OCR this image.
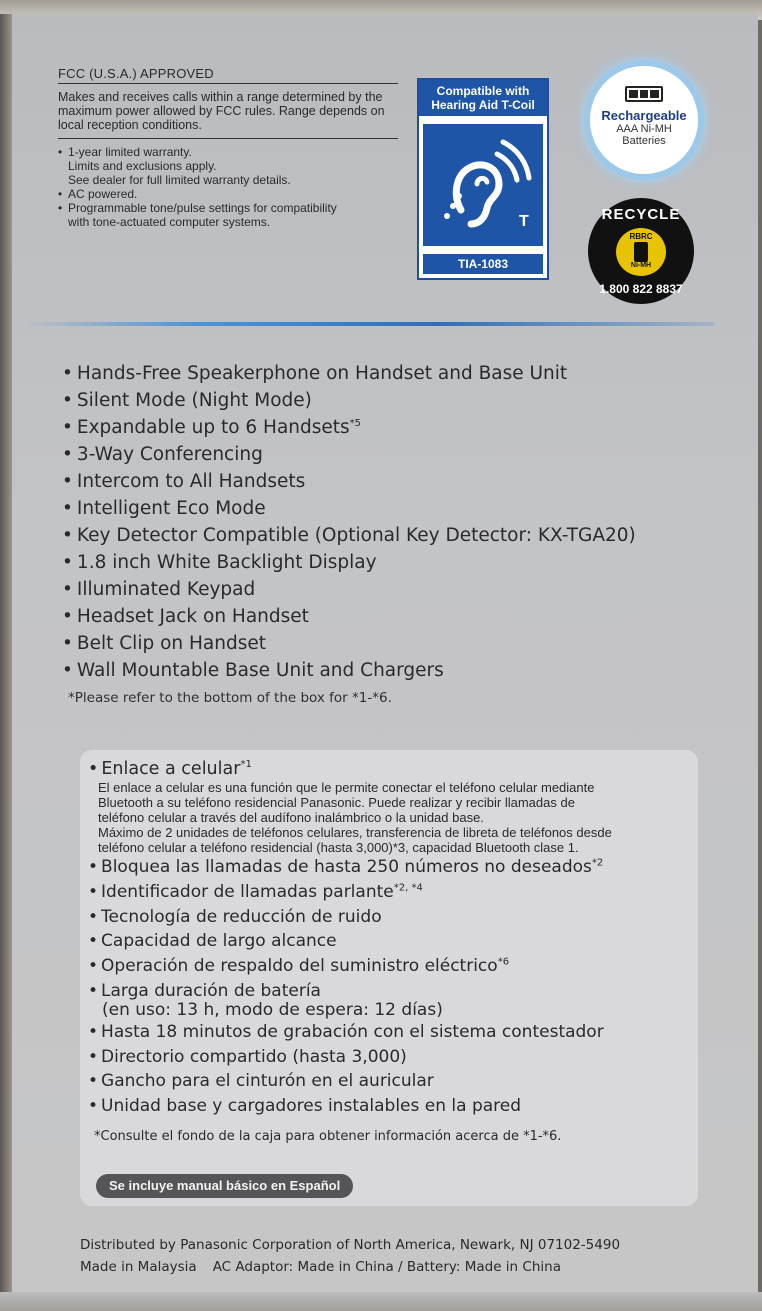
FCC (U.S.A.) APPROVED
Makes and receives calls within a range determined by the maximum power allowed by FCC rules. Range depends on local reception conditions.
• 1-year limited warranty.
Limits and exclusions apply.
See dealer for full limited warranty details.
• AC powered.
• Programmable tone/pulse settings for compatibility
with tone-actuated computer systems.
Compatible with Hearing Aid T-Coil
T
TIA-1083
Rechargeable
AAA Ni-MH
Batteries
RECYCLE
RBRC
Ni-MH
1.800 822 8837
• Hands-Free Speakerphone on Handset and Base Unit
• Silent Mode (Night Mode)
• Expandable up to 6 Handsets$^{*5}$
• 3-Way Conferencing
• Intercom to All Handsets
• Intelligent Eco Mode
• Key Detector Compatible (Optional Key Detector: KX-TGA20)
• 1.8 inch White Backlight Display
• Illuminated Keypad
• Headset Jack on Handset
• Belt Clip on Handset
• Wall Mountable Base Unit and Chargers
*Please refer to the bottom of the box for *1-*6.
• Enlace a celular$^{*1}$
El enlace a celular es una función que le permite conectar el teléfono celular mediante
Bluetooth a su teléfono residencial Panasonic. Puede realizar y recibir llamadas de
teléfono celular a través del audífono inalámbrico o la unidad base.
Máximo de 2 unidades de teléfonos celulares, transferencia de libreta de teléfonos desde
teléfono celular a teléfono residencial (hasta 3,000)*3, capacidad Bluetooth clase 1.
• Bloquea las llamadas de hasta 250 números no deseados$^{*2}$
• Identificador de llamadas parlante$^{*2, *4}$
• Tecnología de reducción de ruido
• Capacidad de largo alcance
• Operación de respaldo del suministro eléctrico$^{*6}$
• Larga duración de batería
(en uso: 13 h, modo de espera: 12 días)
• Hasta 18 minutos de grabación con el sistema contestador
• Directorio compartido (hasta 3,000)
• Gancho para el cinturón en el auricular
• Unidad base y cargadores instalables en la pared
*Consulte el fondo de la caja para obtener información acerca de *1-*6.
Se incluye manual básico en Español
Distributed by Panasonic Corporation of North America, Newark, NJ 07102-5490
Made in Malaysia AC Adaptor: Made in China / Battery: Made in China
